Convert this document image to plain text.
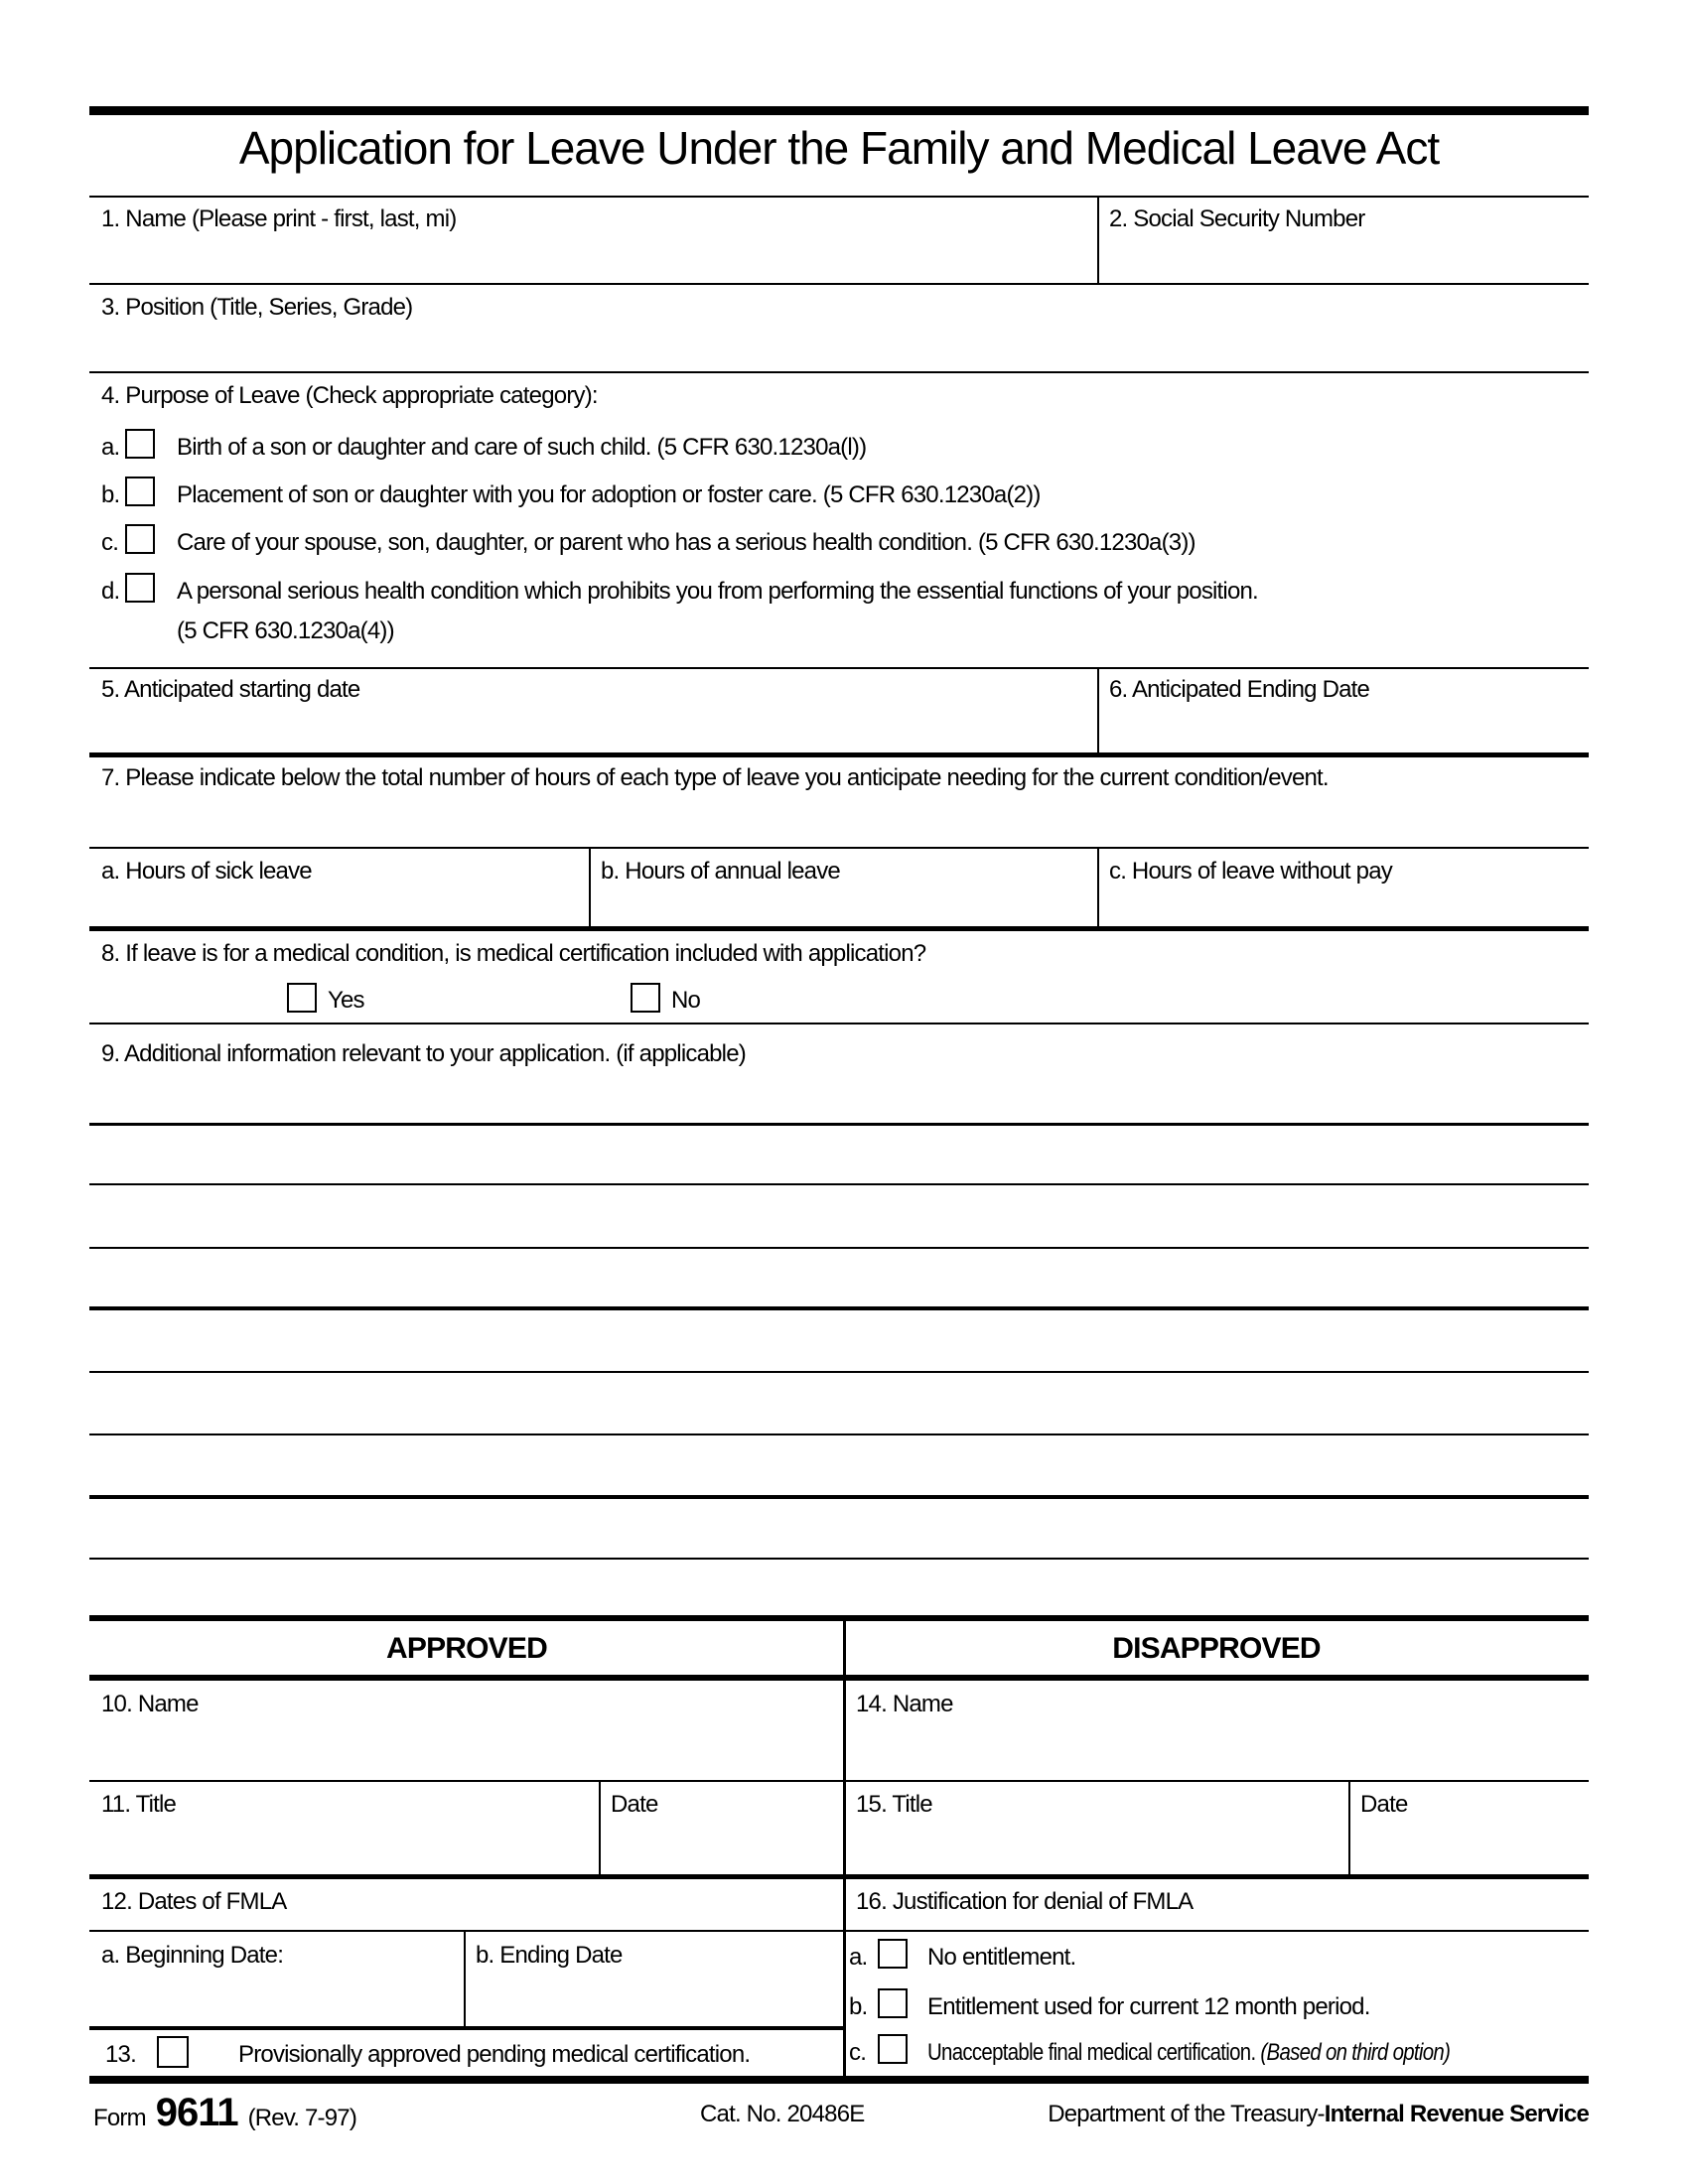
Application for Leave Under the Family and Medical Leave Act
1. Name (Please print - first, last, mi)	2. Social Security Number
3. Position (Title, Series, Grade)
4. Purpose of Leave (Check appropriate category):
a. Birth of a son or daughter and care of such child. (5 CFR 630.1230a(l))
b. Placement of son or daughter with you for adoption or foster care. (5 CFR 630.1230a(2))
c. Care of your spouse, son, daughter, or parent who has a serious health condition. (5 CFR 630.1230a(3))
d. A personal serious health condition which prohibits you from performing the essential functions of your position.
(5 CFR 630.1230a(4))
5. Anticipated starting date	6. Anticipated Ending Date
7. Please indicate below the total number of hours of each type of leave you anticipate needing for the current condition/event.
a. Hours of sick leave	b. Hours of annual leave	c. Hours of leave without pay
8. If leave is for a medical condition, is medical certification included with application?
Yes	No
9. Additional information relevant to your application. (if applicable)
APPROVED	DISAPPROVED
10. Name	14. Name
11. Title	Date	15. Title	Date
12. Dates of FMLA	16. Justification for denial of FMLA
a. Beginning Date:	b. Ending Date
13.	Provisionally approved pending medical certification.
a.	No entitlement.
b.	Entitlement used for current 12 month period.
c.	Unacceptable final medical certification. (Based on third option)
Form 9611 (Rev. 7-97)	Cat. No. 20486E	Department of the Treasury-Internal Revenue Service
